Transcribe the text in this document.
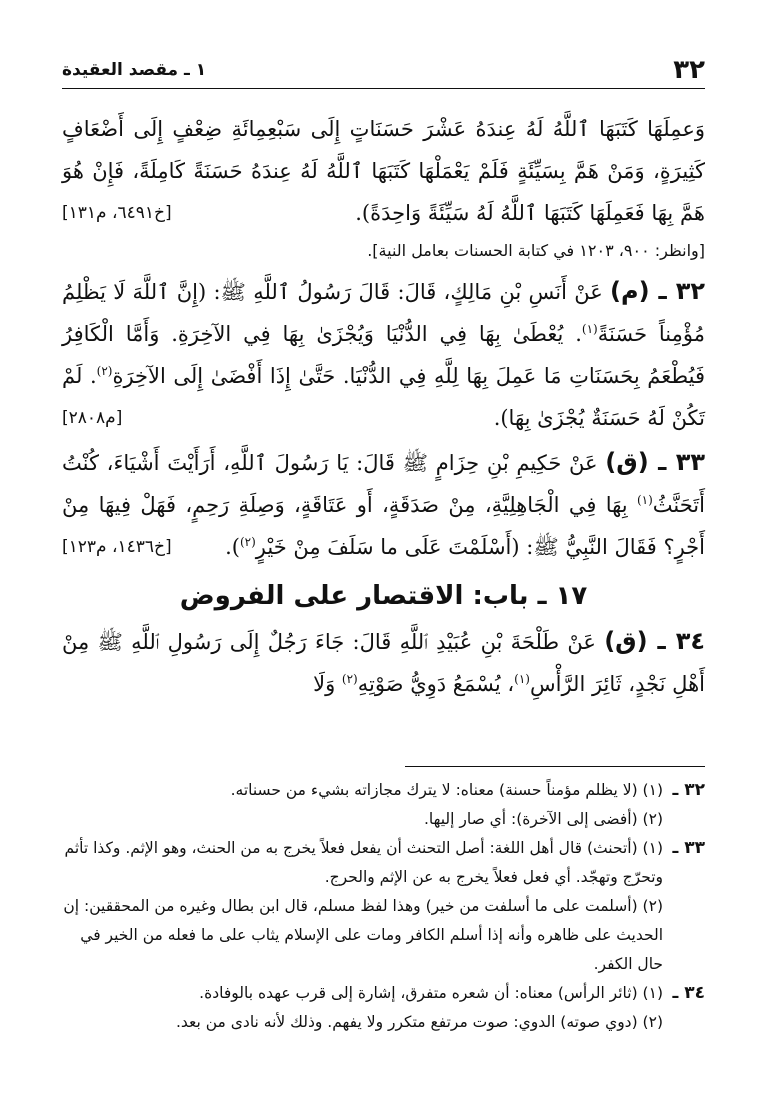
٣٢
١ ـ مقصد العقيدة

وَعمِلَهَا كَتَبَهَا ٱللَّهُ لَهُ عِندَهُ عَشْرَ حَسَنَاتٍ إِلَى سَبْعِمِائَةِ ضِعْفٍ إِلَى أَضْعَافٍ كَثِيرَةٍ، وَمَنْ هَمَّ بِسَيِّئَةٍ فَلَمْ يَعْمَلْهَا كَتَبَهَا ٱللَّهُ لَهُ عِندَهُ حَسَنَةً كَامِلَةً، فَإِنْ هُوَ هَمَّ بِهَا فَعَمِلَهَا كَتَبَهَا ٱللَّهُ لَهُ سَيِّئَةً وَاحِدَةً).
[خ٦٤٩١، م١٣١]

[وانظر: ٩٠٠، ١٢٠٣ في كتابة الحسنات بعامل النية].

٣٢ ـ (م) عَنْ أَنَسِ بْنِ مَالِكٍ، قَالَ: قَالَ رَسُولُ ٱللَّهِ ﷺ: (إِنَّ ٱللَّهَ لَا يَظْلِمُ مُؤْمِناً حَسَنَةً$^{(١)}$. يُعْطَىٰ بِهَا فِي الدُّنْيَا وَيُجْزَىٰ بِهَا فِي الآخِرَةِ. وَأَمَّا الْكَافِرُ فَيُطْعَمُ بِحَسَنَاتِ مَا عَمِلَ بِهَا لِلَّهِ فِي الدُّنْيَا. حَتَّىٰ إِذَا أَفْضَىٰ إِلَى الآخِرَةِ$^{(٢)}$. لَمْ تَكُنْ لَهُ حَسَنَةٌ يُجْزَىٰ بِهَا).
[م٢٨٠٨]

٣٣ ـ (ق) عَنْ حَكِيمِ بْنِ حِزَامٍ ﷺ قَالَ: يَا رَسُولَ ٱللَّهِ، أَرَأَيْتَ أَشْيَاءَ، كُنْتُ أَتَحَنَّثُ$^{(١)}$ بِهَا فِي الْجَاهِلِيَّةِ، مِنْ صَدَقَةٍ، أَو عَتَاقَةٍ، وَصِلَةِ رَحِمٍ، فَهَلْ فِيهَا مِنْ أَجْرٍ؟ فَقَالَ النَّبِيُّ ﷺ: (أَسْلَمْتَ عَلَى ما سَلَفَ مِنْ خَيْرٍ$^{(٢)}$).
[خ١٤٣٦، م١٢٣]

١٧ ـ باب: الاقتصار على الفروض

٣٤ ـ (ق) عَنْ طَلْحَةَ بْنِ عُبَيْدِ ٱللَّهِ قَالَ: جَاءَ رَجُلٌ إِلَى رَسُولِ ٱللَّهِ ﷺ مِنْ أَهْلِ نَجْدٍ، ثَائِرَ الرَّأْسِ$^{(١)}$، يُسْمَعُ دَوِيُّ صَوْتِهِ$^{(٢)}$ وَلَا

٣٢ ـ
(١) (لا يظلم مؤمناً حسنة) معناه: لا يترك مجازاته بشيء من حسناته.

(٢) (أفضى إلى الآخرة): أي صار إليها.

٣٣ ـ
(١) (أتحنث) قال أهل اللغة: أصل التحنث أن يفعل فعلاً يخرج به من الحنث، وهو الإثم. وكذا تأثم وتحرّج وتهجّد. أي فعل فعلاً يخرج به عن الإثم والحرج.

(٢) (أسلمت على ما أسلفت من خير) وهذا لفظ مسلم، قال ابن بطال وغيره من المحققين: إن الحديث على ظاهره وأنه إذا أسلم الكافر ومات على الإسلام يثاب على ما فعله من الخير في حال الكفر.

٣٤ ـ
(١) (ثائر الرأس) معناه: أن شعره متفرق، إشارة إلى قرب عهده بالوفادة.

(٢) (دوي صوته) الدوي: صوت مرتفع متكرر ولا يفهم. وذلك لأنه نادى من بعد.
